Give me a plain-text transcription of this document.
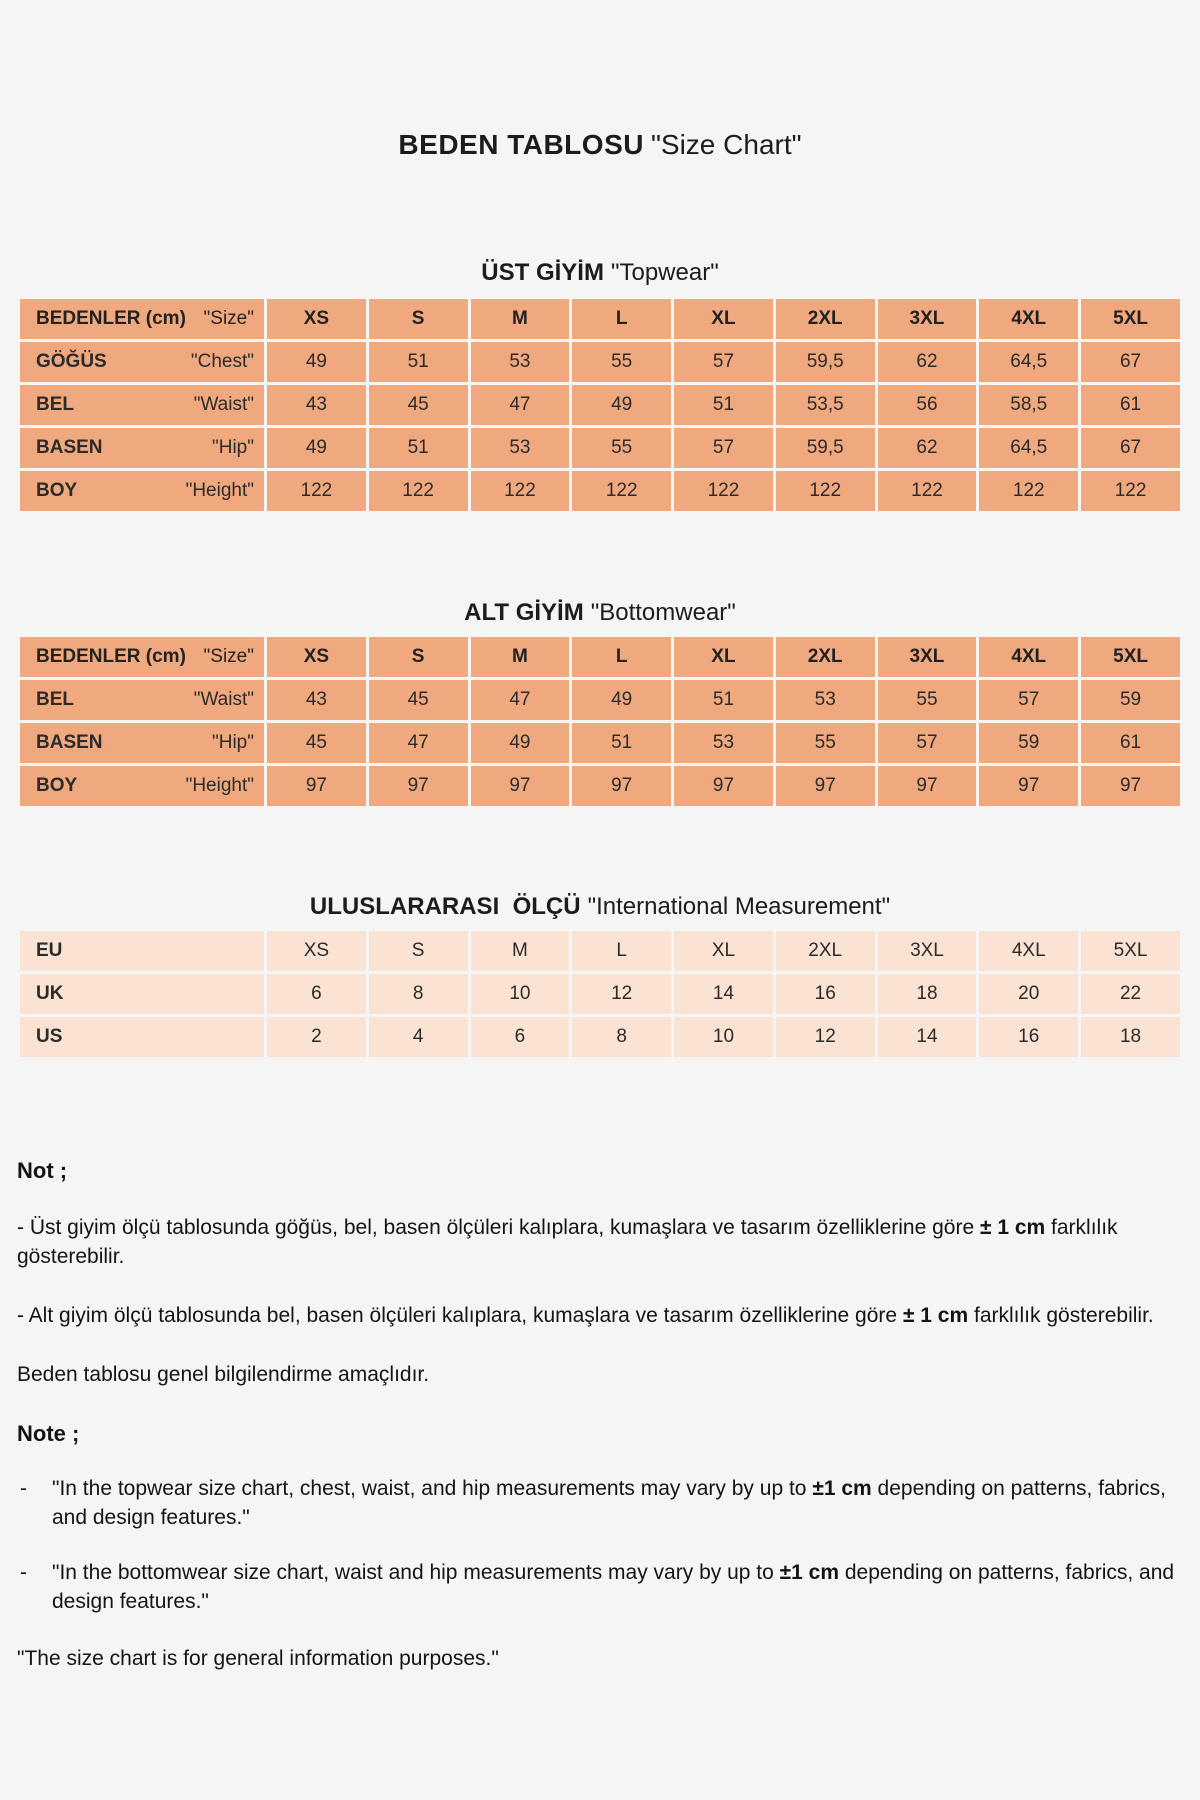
BEDEN TABLOSU "Size Chart"
ÜST GİYİM "Topwear"
BEDENLER (cm) "Size"	XS	S	M	L	XL	2XL	3XL	4XL	5XL

GÖĞÜS "Chest"	49	51	53	55	57	59,5	62	64,5	67

BEL "Waist"	43	45	47	49	51	53,5	56	58,5	61

BASEN "Hip"	49	51	53	55	57	59,5	62	64,5	67

BOY "Height"	122	122	122	122	122	122	122	122	122
ALT GİYİM "Bottomwear"
BEDENLER (cm) "Size"	XS	S	M	L	XL	2XL	3XL	4XL	5XL

BEL "Waist"	43	45	47	49	51	53	55	57	59

BASEN "Hip"	45	47	49	51	53	55	57	59	61

BOY "Height"	97	97	97	97	97	97	97	97	97
ULUSLARARASI  ÖLÇÜ "International Measurement"
EU	XS	S	M	L	XL	2XL	3XL	4XL	5XL

UK	6	8	10	12	14	16	18	20	22

US	2	4	6	8	10	12	14	16	18

Not ;

- Üst giyim ölçü tablosunda göğüs, bel, basen ölçüleri kalıplara, kumaşlara ve tasarım özelliklerine göre ± 1 cm farklılık gösterebilir.

- Alt giyim ölçü tablosunda bel, basen ölçüleri kalıplara, kumaşlara ve tasarım özelliklerine göre ± 1 cm farklılık gösterebilir.

Beden tablosu genel bilgilendirme amaçlıdır.

Note ;

-	"In the topwear size chart, chest, waist, and hip measurements may vary by up to ±1 cm depending on patterns, fabrics, and design features."

-	"In the bottomwear size chart, waist and hip measurements may vary by up to ±1 cm depending on patterns, fabrics, and design features."

"The size chart is for general information purposes."
